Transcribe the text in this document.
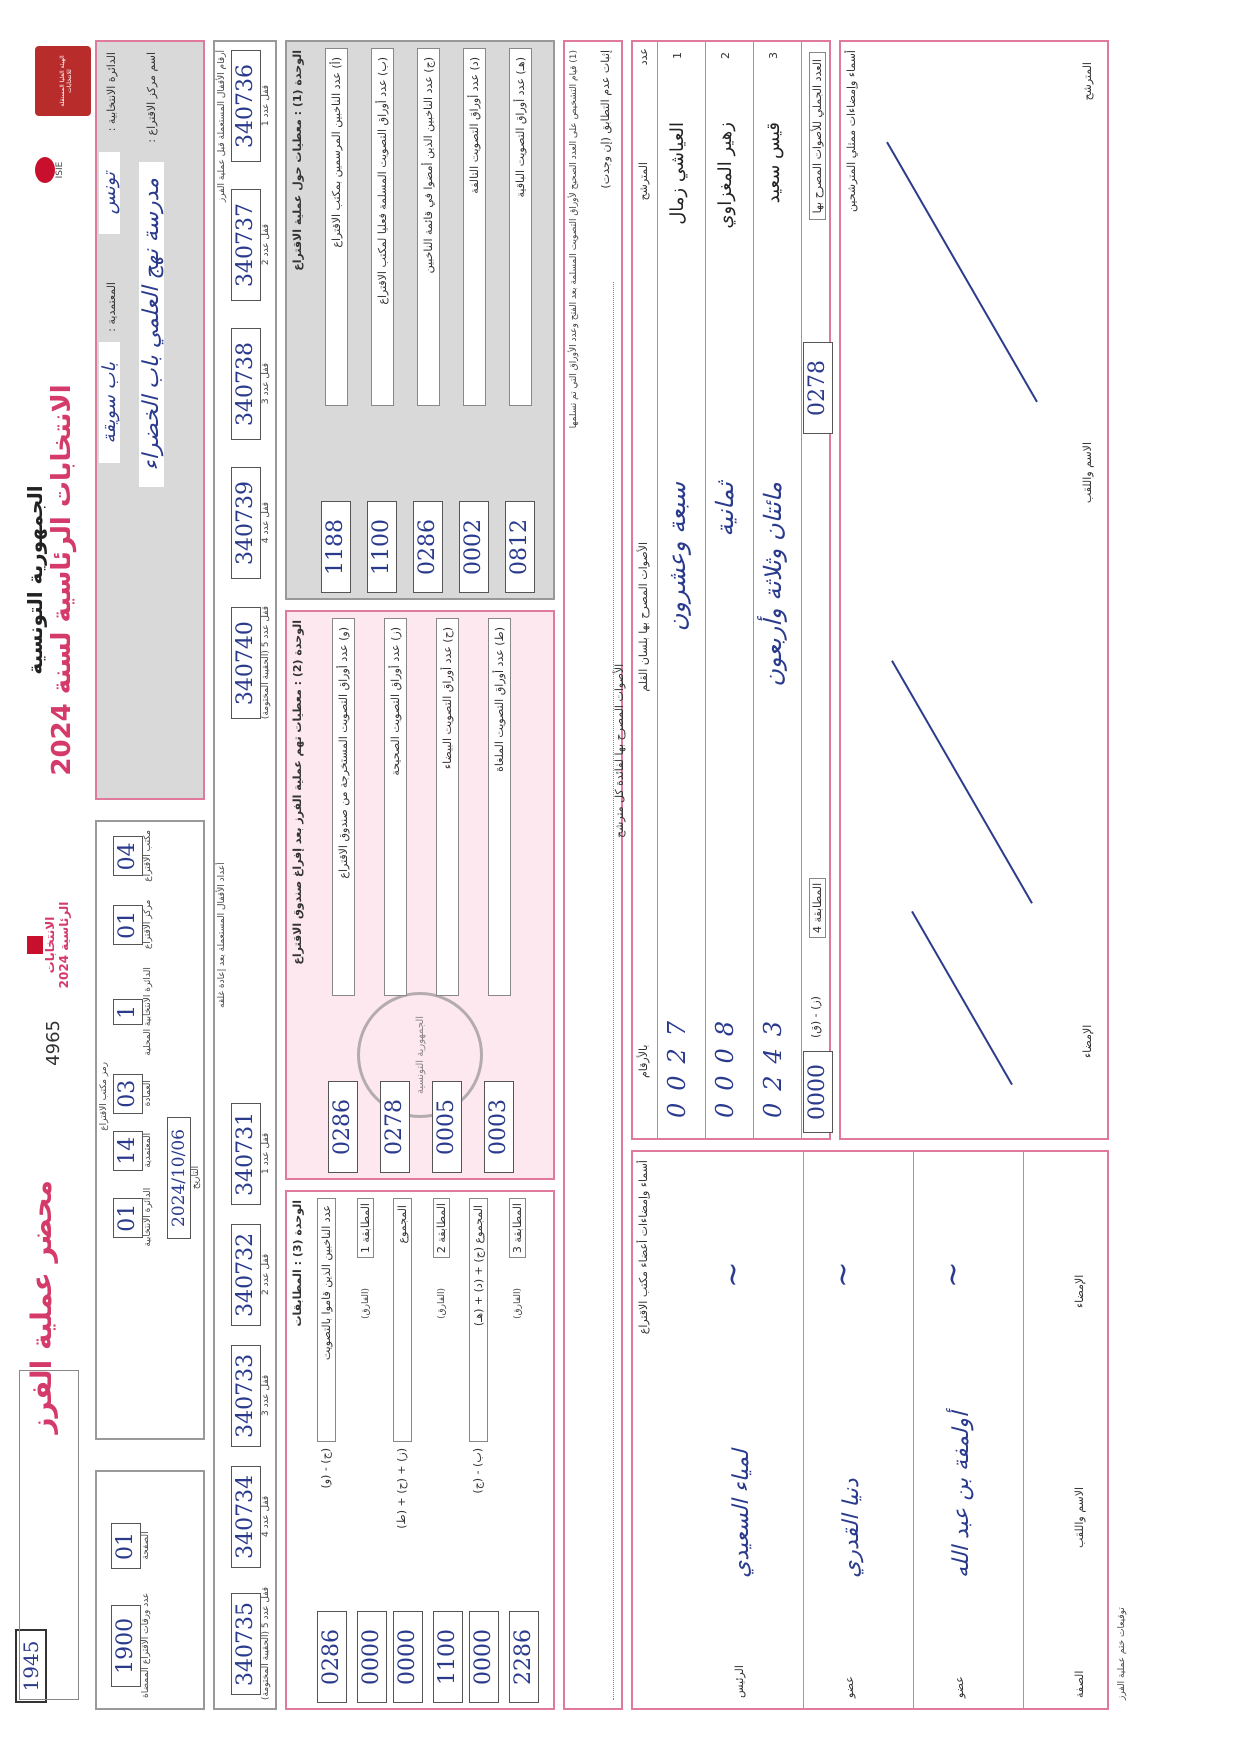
1945
الهيئة العليا المستقلة للانتخابات
ISIE
الجمهورية التونسية
الانتخابات الرئاسية لسنة 2024
الانتخابات الرئاسية 2024
4965
محضر عملية الفرز
الدائرة الانتخابية :
تونس
المعتمدية :
باب سويقة
اسم مركز الاقتراع :
مدرسة نهج العلمي باب الخضراء
رمز مكتب الاقتراع
04 مكتب الاقتراع
01 مركز الاقتراع
1 الدائرة الانتخابية المحلية
03 العمادة
14 المعتمدية
01 الدائرة الانتخابية 2024/10/06 التاريخ
01 الصفحة
1900 عدد ورقات الاقتراع الممضاة
أرقام الأقفال المستعملة قبل عملية الفرز 340736 قفل عدد 1
340737 قفل عدد 2
340738 قفل عدد 3
340739 قفل عدد 4
340740 قفل عدد 5 (الحقيبة المختومة)
أعداد الأقفال المستعملة بعد إعادة غلقه
340731 قفل عدد 1
340732 قفل عدد 2
340733 قفل عدد 3
340734 قفل عدد 4
340735 قفل عدد 5 (الحقيبة المختومة)
الوحدة (1) : معطيات حول عملية الاقتراع	(أ) عدد الناخبين المرسمين بمكتب الاقتراع
1188
(ب) عدد أوراق التصويت المسلمة فعليا لمكتب الاقتراع
1100
(ج) عدد الناخبين الذين أمضوا في قائمة الناخبين
0286
(د) عدد أوراق التصويت التالفة
0002
(هـ) عدد أوراق التصويت الباقية
0812
الوحدة (2) : معطيات تهم عملية الفرز بعد إفراغ صندوق الاقتراع
الجمهورية التونسية
(و) عدد أوراق التصويت المستخرجة من صندوق الاقتراع
0286
(ز) عدد أوراق التصويت الصحيحة
0278
(ح) عدد أوراق التصويت البيضاء
0005
(ط) عدد أوراق التصويت الملغاة
0003
الوحدة (3) : المطابقات عدد الناخبين الذين قاموا بالتصويت
(ج) - (و)
0286
المطابقة 1
(الفارق)
0000
المجموع
(ز) + (ح) + (ط)
0000
المطابقة 2
(الفارق)
1100
المجموع (ج) + (د) + (هـ)
(ب) - (ج)
0000
المطابقة 3
(الفارق)
2286
(1) قيام التشخيص على العدد الصحيح لأوراق التصويت المسلمة بعد الفتح وعدد الأوراق التي تم تسلمها إثبات عدم التطابق (إن وجدت) عدد
المترشح
الأصوات المصرح بها بلسان القلم
بالأرقام
1
العياشي زمال
سبعة وعشرون
0027
2
زهير المغزاوي
ثمانية
0008
3
قيس سعيد
مائتان وثلاثة وأربعون
0243
العدد الجملي للأصوات المصرح بها
0278
المطابقة 4
(ز) - (ق)
0000
الأصوات المصرح بها لفائدة كل مترشح
أسماء وإمضاءات ممثلي المترشحين	المترشح
الاسم واللقب
الإمضاء
أسماء وإمضاءات أعضاء مكتب الاقتراع
الصفة
الاسم واللقب
الإمضاء
الرئيس
لمياء السعيدي
~
عضو
دنيا القدري
~
عضو
أولمفة بن عبد الله
~
توقيعات ختم عملية الفرز
